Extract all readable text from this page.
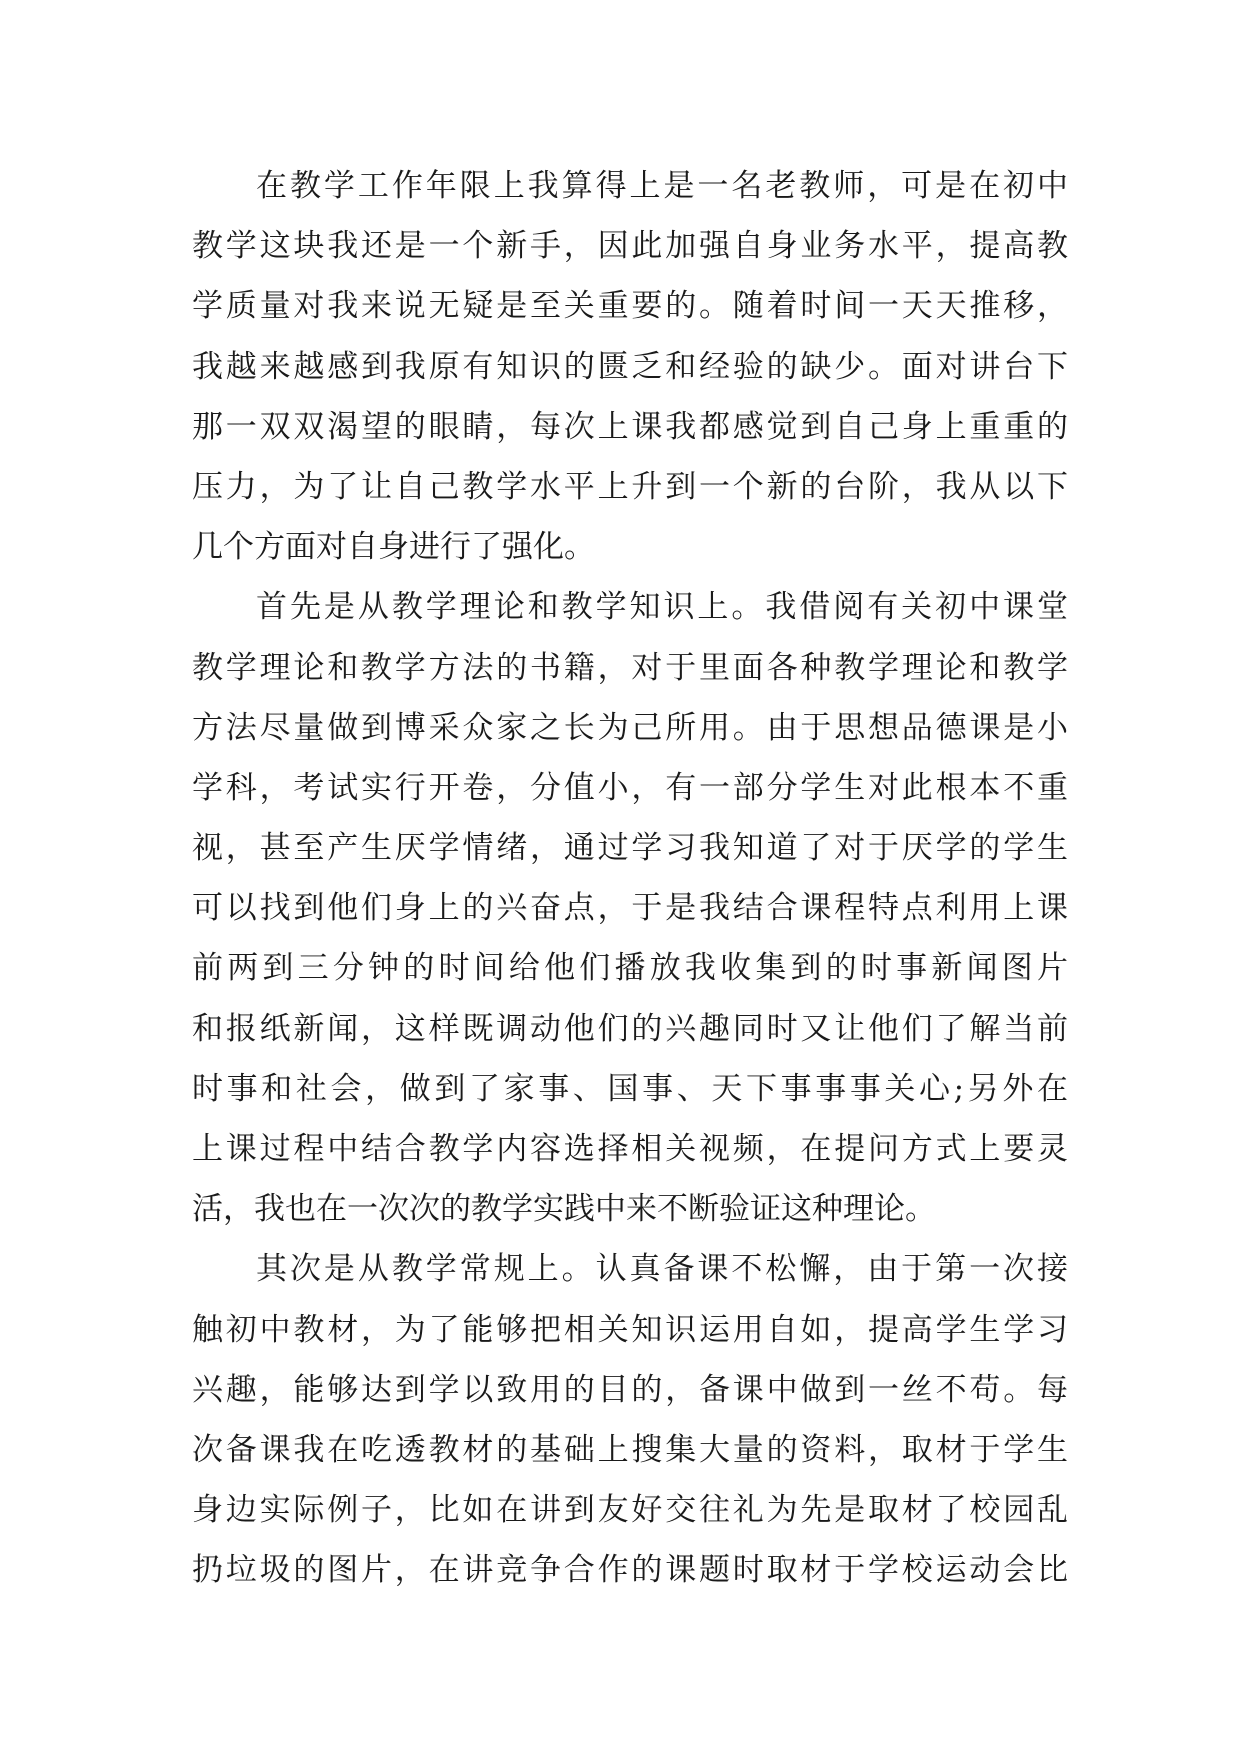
在教学工作年限上我算得上是一名老教师，可是在初中
教学这块我还是一个新手，因此加强自身业务水平，提高教
学质量对我来说无疑是至关重要的。随着时间一天天推移，
我越来越感到我原有知识的匮乏和经验的缺少。面对讲台下
那一双双渴望的眼睛，每次上课我都感觉到自己身上重重的
压力，为了让自己教学水平上升到一个新的台阶，我从以下
几个方面对自身进行了强化。
首先是从教学理论和教学知识上。我借阅有关初中课堂
教学理论和教学方法的书籍，对于里面各种教学理论和教学
方法尽量做到博采众家之长为己所用。由于思想品德课是小
学科，考试实行开卷，分值小，有一部分学生对此根本不重
视，甚至产生厌学情绪，通过学习我知道了对于厌学的学生
可以找到他们身上的兴奋点，于是我结合课程特点利用上课
前两到三分钟的时间给他们播放我收集到的时事新闻图片
和报纸新闻，这样既调动他们的兴趣同时又让他们了解当前
时事和社会，做到了家事、国事、天下事事事关心;另外在
上课过程中结合教学内容选择相关视频，在提问方式上要灵
活，我也在一次次的教学实践中来不断验证这种理论。
其次是从教学常规上。认真备课不松懈，由于第一次接
触初中教材，为了能够把相关知识运用自如，提高学生学习
兴趣，能够达到学以致用的目的，备课中做到一丝不苟。每
次备课我在吃透教材的基础上搜集大量的资料，取材于学生
身边实际例子，比如在讲到友好交往礼为先是取材了校园乱
扔垃圾的图片，在讲竞争合作的课题时取材于学校运动会比
